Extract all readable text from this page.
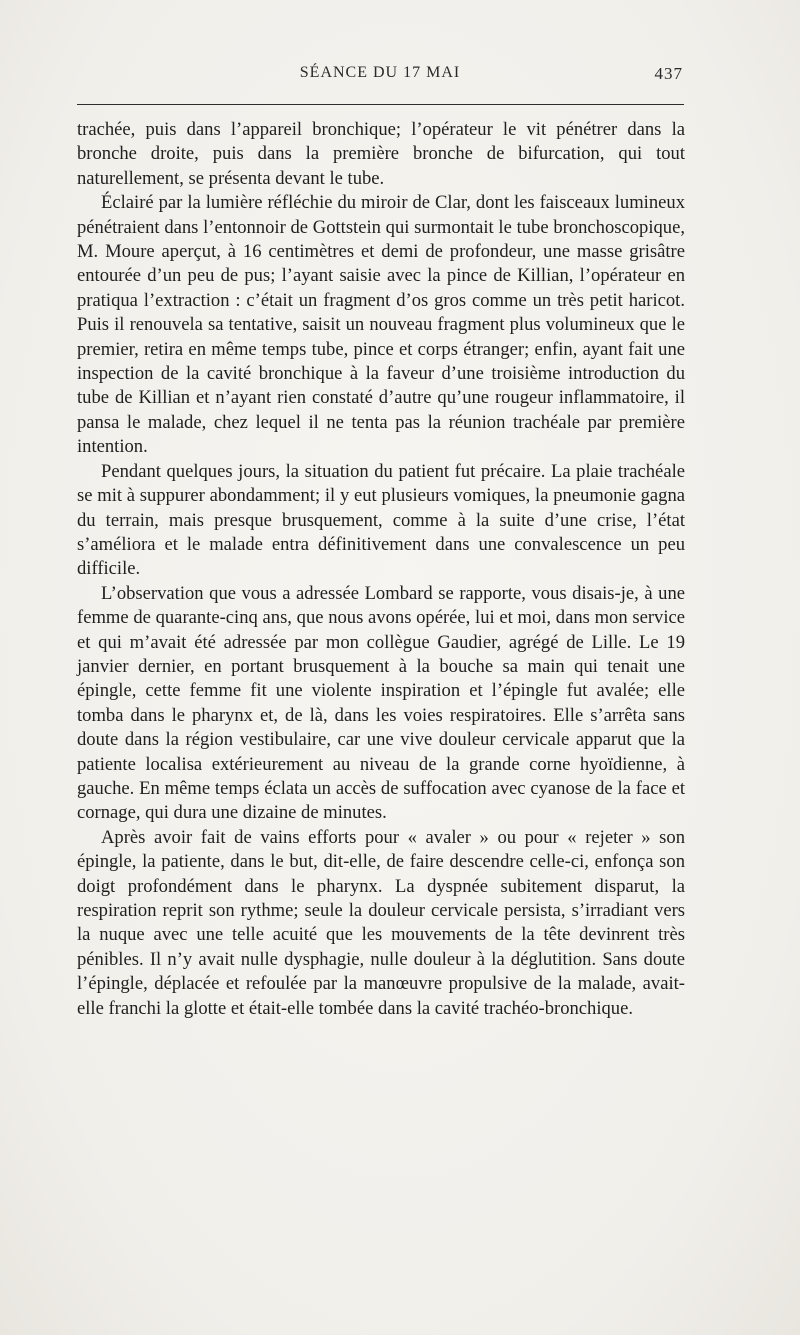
SÉANCE DU 17 MAI	437

trachée, puis dans l’appareil bronchique; l’opérateur le vit pénétrer dans la bronche droite, puis dans la première bronche de bifurcation, qui tout naturellement, se présenta devant le tube.

Éclairé par la lumière réfléchie du miroir de Clar, dont les faisceaux lumineux pénétraient dans l’entonnoir de Gottstein qui surmontait le tube bronchoscopique, M. Moure aperçut, à 16 centimètres et demi de profondeur, une masse grisâtre entourée d’un peu de pus; l’ayant saisie avec la pince de Killian, l’opérateur en pratiqua l’extraction : c’était un fragment d’os gros comme un très petit haricot. Puis il renouvela sa tentative, saisit un nouveau fragment plus volumineux que le premier, retira en même temps tube, pince et corps étranger; enfin, ayant fait une inspection de la cavité bronchique à la faveur d’une troisième introduction du tube de Killian et n’ayant rien constaté d’autre qu’une rougeur inflammatoire, il pansa le malade, chez lequel il ne tenta pas la réunion trachéale par première intention.

Pendant quelques jours, la situation du patient fut précaire. La plaie trachéale se mit à suppurer abondamment; il y eut plusieurs vomiques, la pneumonie gagna du terrain, mais presque brusquement, comme à la suite d’une crise, l’état s’améliora et le malade entra définitivement dans une convalescence un peu difficile.

L’observation que vous a adressée Lombard se rapporte, vous disais-je, à une femme de quarante-cinq ans, que nous avons opérée, lui et moi, dans mon service et qui m’avait été adressée par mon collègue Gaudier, agrégé de Lille. Le 19 janvier dernier, en portant brusquement à la bouche sa main qui tenait une épingle, cette femme fit une violente inspiration et l’épingle fut avalée; elle tomba dans le pharynx et, de là, dans les voies respiratoires. Elle s’arrêta sans doute dans la région vestibulaire, car une vive douleur cervicale apparut que la patiente localisa extérieurement au niveau de la grande corne hyoïdienne, à gauche. En même temps éclata un accès de suffocation avec cyanose de la face et cornage, qui dura une dizaine de minutes.

Après avoir fait de vains efforts pour « avaler » ou pour « rejeter » son épingle, la patiente, dans le but, dit-elle, de faire descendre celle-ci, enfonça son doigt profondément dans le pharynx. La dyspnée subitement disparut, la respiration reprit son rythme; seule la douleur cervicale persista, s’irradiant vers la nuque avec une telle acuité que les mouvements de la tête devinrent très pénibles. Il n’y avait nulle dysphagie, nulle douleur à la déglutition. Sans doute l’épingle, déplacée et refoulée par la manœuvre propulsive de la malade, avait-elle franchi la glotte et était-elle tombée dans la cavité trachéo-bronchique.
